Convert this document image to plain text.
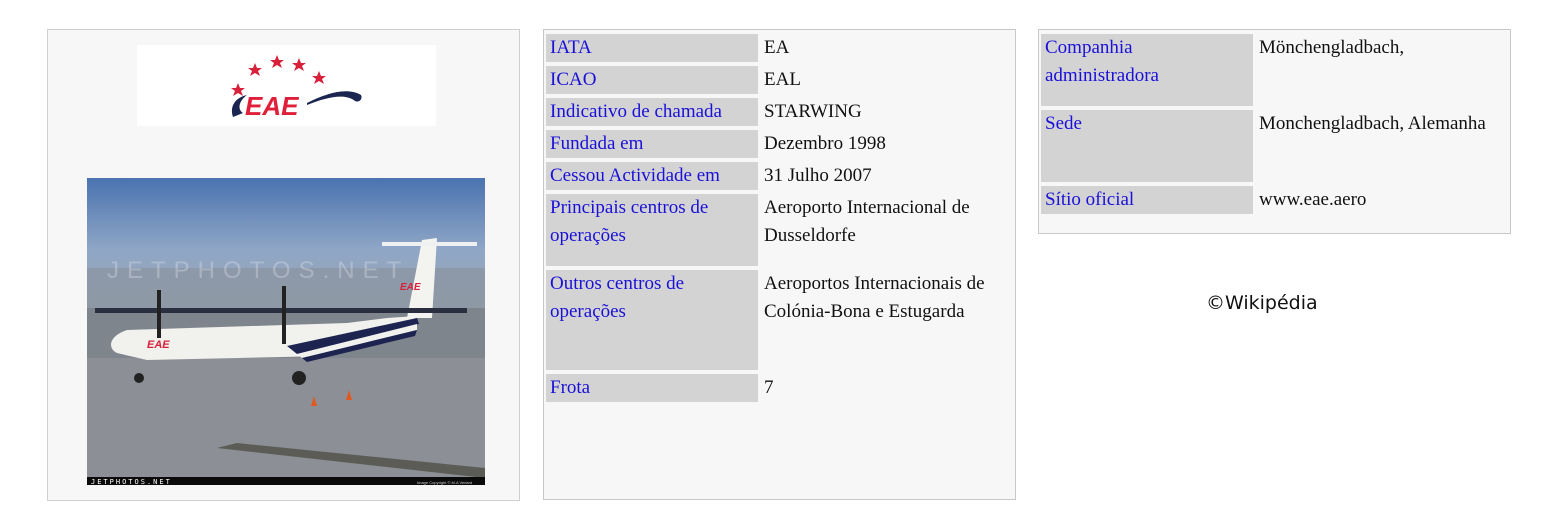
EAE
EAE
EAE
JETPHOTOS.NET
JETPHOTOS.NET	Image Copyright © M.A Verlard
IATA	EA
ICAO	EAL
Indicativo de chamada	STARWING
Fundada em	Dezembro 1998
Cessou Actividade em	31 Julho 2007
Principais centros de operações	Aeroporto Internacional de Dusseldorfe
Outros centros de operações	Aeroportos Internacionais de Colónia-Bona e Estugarda
Frota	7
Companhia administradora	Mönchengladbach,
Sede	Monchengladbach, Alemanha
Sítio oficial	www.eae.aero
©Wikipédia
